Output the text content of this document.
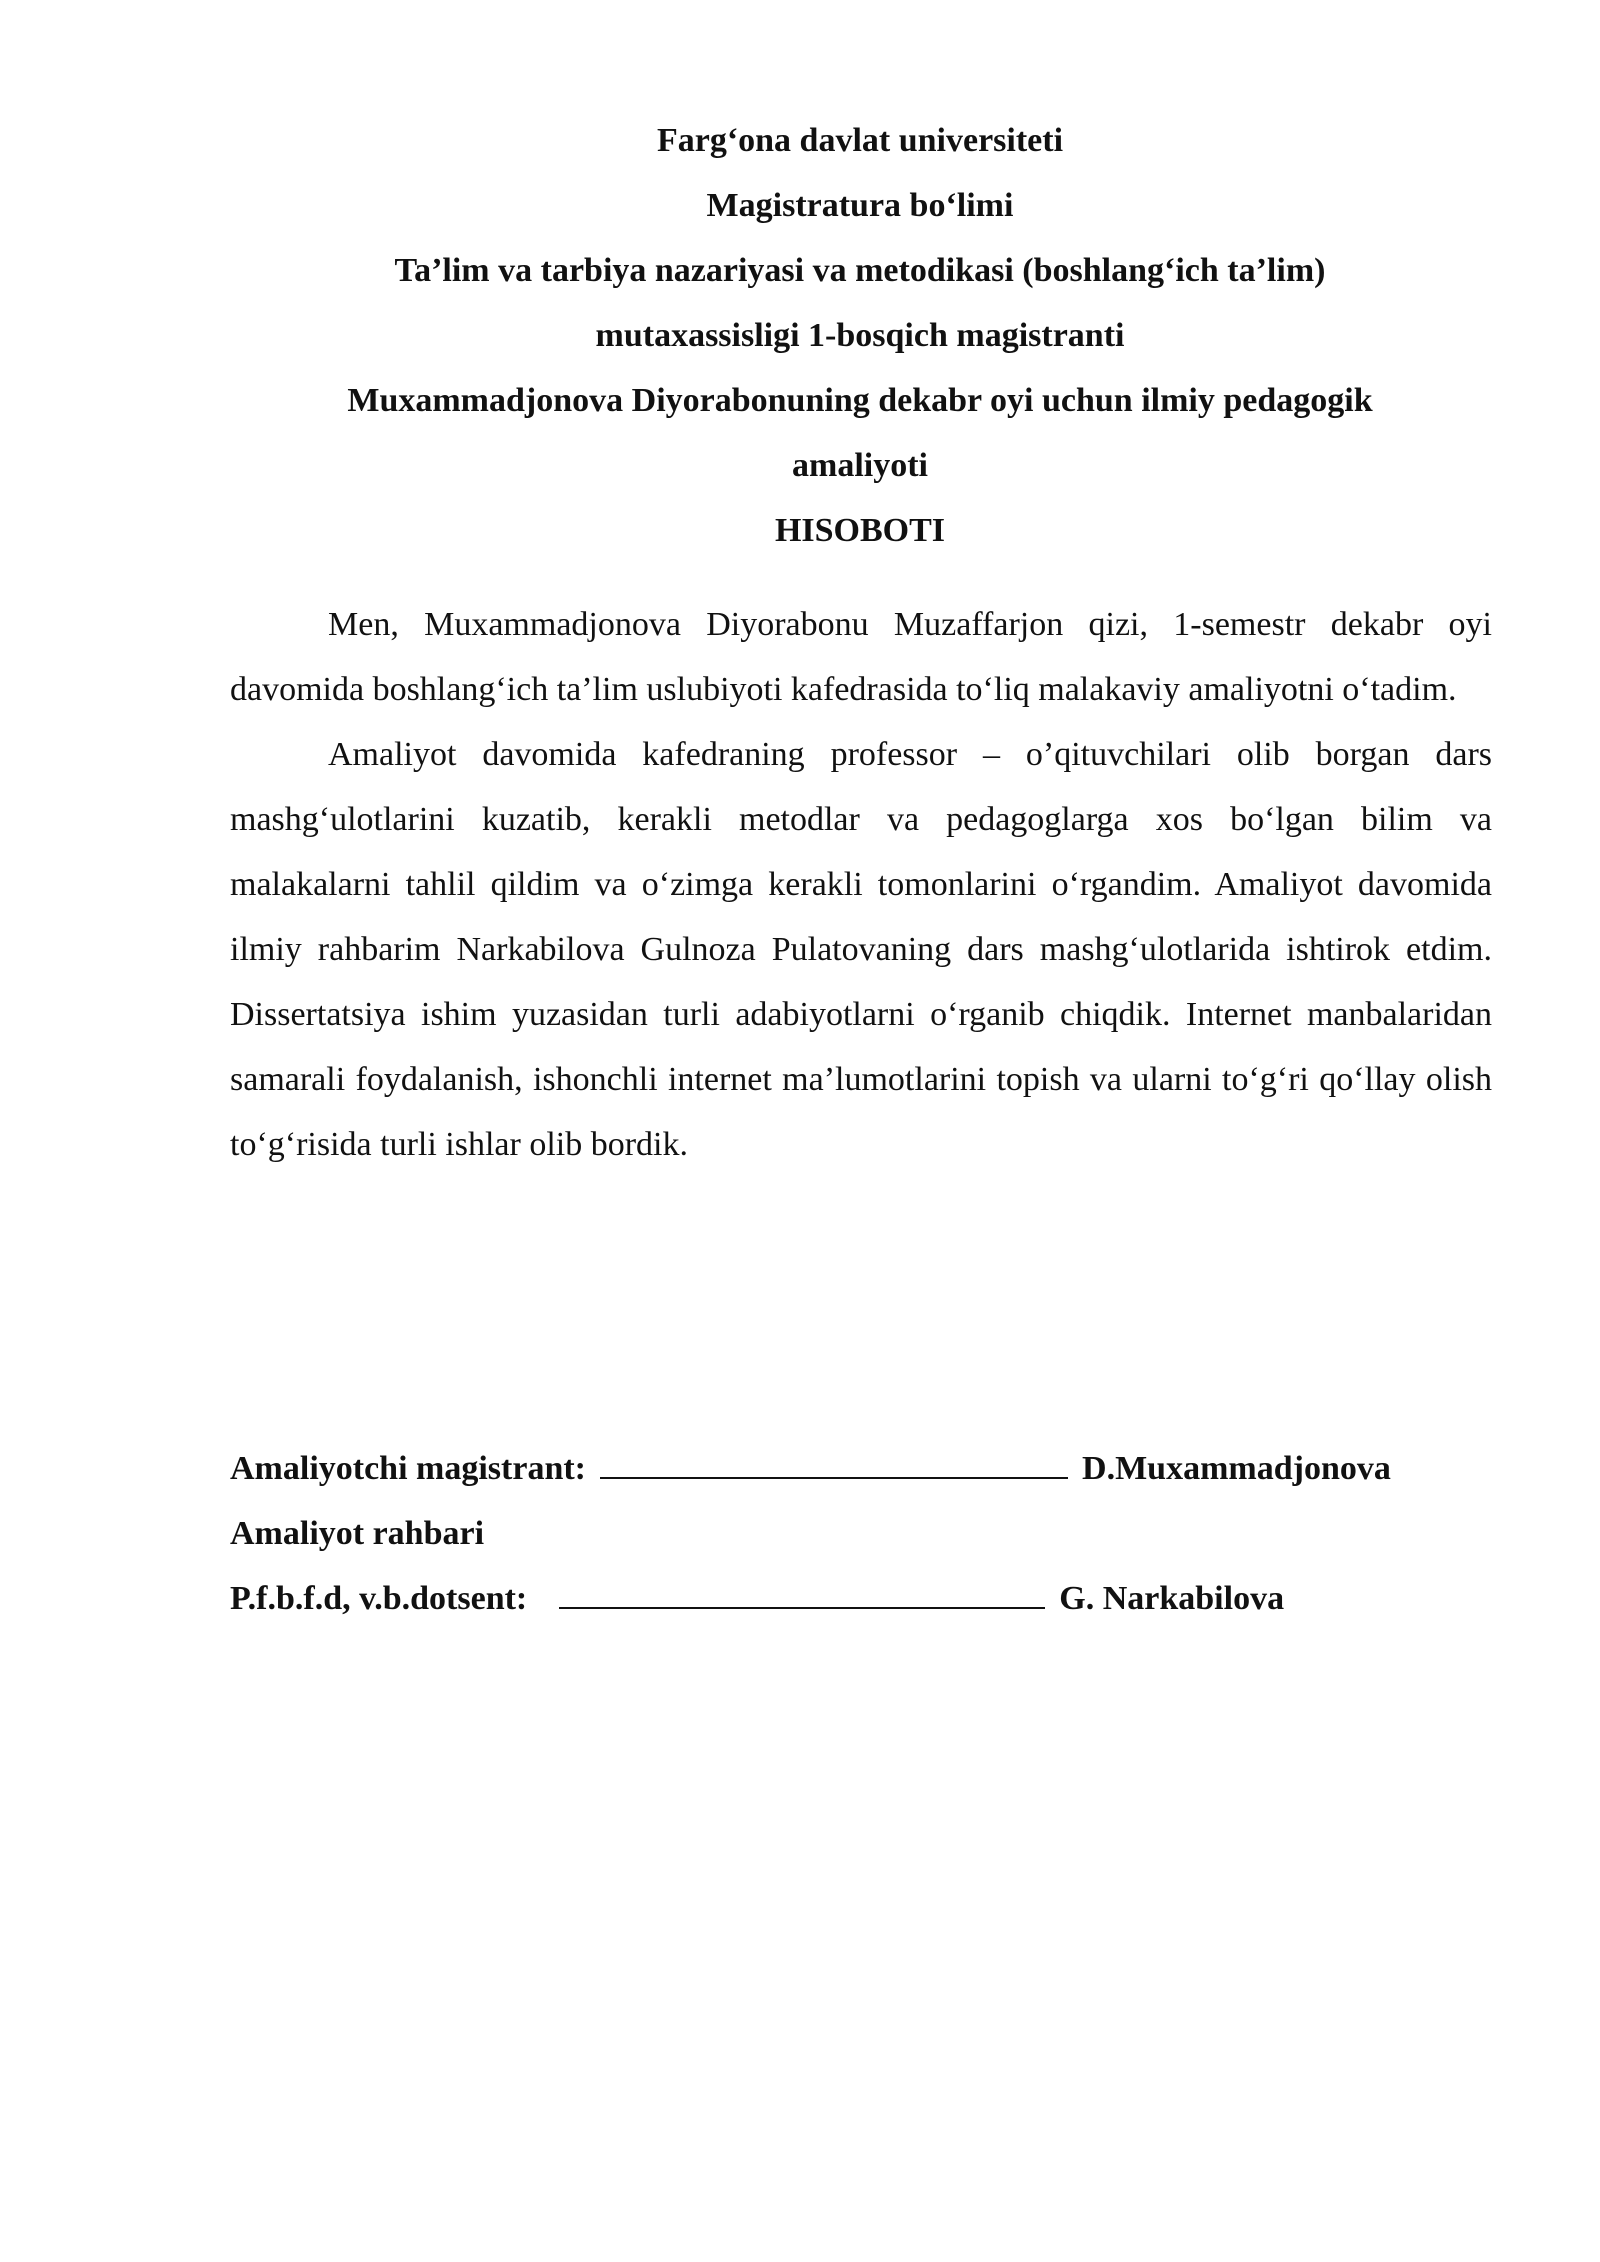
Farg‘ona davlat universiteti
Magistratura bo‘limi
Ta’lim va tarbiya nazariyasi va metodikasi (boshlang‘ich ta’lim)
mutaxassisligi 1-bosqich magistranti
Muxammadjonova Diyorabonuning dekabr oyi uchun ilmiy pedagogik
amaliyoti
HISOBOTI

Men, Muxammadjonova Diyorabonu Muzaffarjon qizi, 1-semestr dekabr oyi davomida boshlang‘ich ta’lim uslubiyoti kafedrasida to‘liq malakaviy amaliyotni o‘tadim.

Amaliyot davomida kafedraning professor – o’qituvchilari olib borgan dars mashg‘ulotlarini kuzatib, kerakli metodlar va pedagoglarga xos bo‘lgan bilim va malakalarni tahlil qildim va o‘zimga kerakli tomonlarini o‘rgandim. Amaliyot davomida ilmiy rahbarim Narkabilova Gulnoza Pulatovaning dars mashg‘ulotlarida ishtirok etdim. Dissertatsiya ishim yuzasidan turli adabiyotlarni o‘rganib chiqdik. Internet manbalaridan samarali foydalanish, ishonchli internet ma’lumotlarini topish va ularni to‘g‘ri qo‘llay olish to‘g‘risida turli ishlar olib bordik.

Amaliyotchi magistrant:	D.Muxammadjonova
Amaliyot rahbari
P.f.b.f.d, v.b.dotsent:	G. Narkabilova
